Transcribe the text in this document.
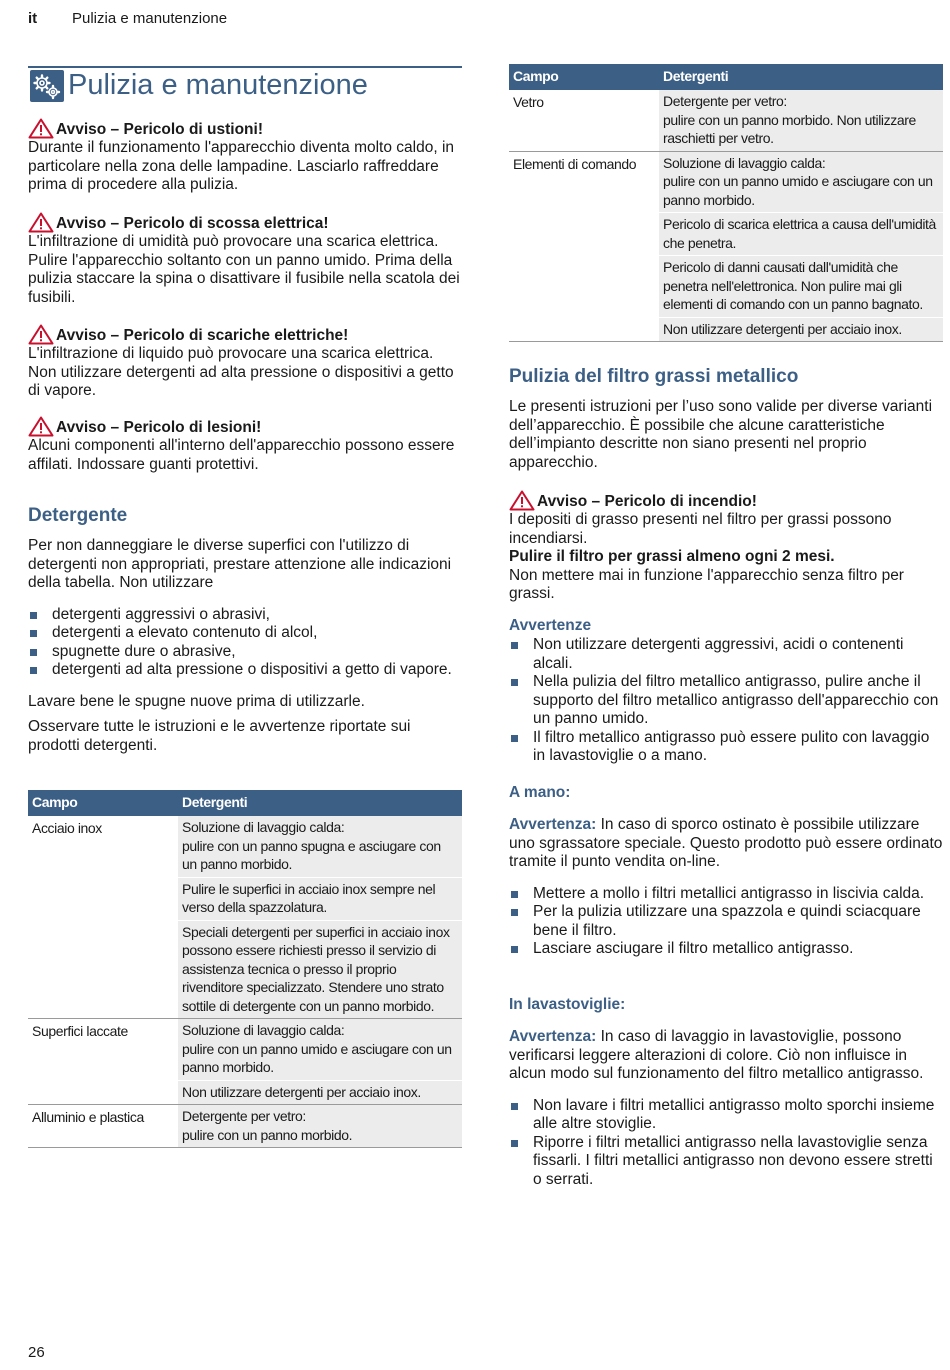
it Pulizia e manutenzione
Pulizia e manutenzione
Avviso – Pericolo di ustioni!

Durante il funzionamento l'apparecchio diventa molto caldo, in particolare nella zona delle lampadine. Lasciarlo raffreddare prima di procedere alla pulizia.

Avviso – Pericolo di scossa elettrica!

L'infiltrazione di umidità può provocare una scarica elettrica. Pulire l'apparecchio soltanto con un panno umido. Prima della pulizia staccare la spina o disattivare il fusibile nella scatola dei fusibili.

Avviso – Pericolo di scariche elettriche!

L'infiltrazione di liquido può provocare una scarica elettrica. Non utilizzare detergenti ad alta pressione o dispositivi a getto di vapore.

Avviso – Pericolo di lesioni!

Alcuni componenti all'interno dell'apparecchio possono essere affilati. Indossare guanti protettivi.

Detergente

Per non danneggiare le diverse superfici con l'utilizzo di detergenti non appropriati, prestare attenzione alle indicazioni della tabella. Non utilizzare

detergenti aggressivi o abrasivi,
detergenti a elevato contenuto di alcol,
spugnette dure o abrasive,
detergenti ad alta pressione o dispositivi a getto di vapore.

Lavare bene le spugne nuove prima di utilizzarle.

Osservare tutte le istruzioni e le avvertenze riportate sui prodotti detergenti.

Campo	Detergenti
Acciaio inox	Soluzione di lavaggio calda:
pulire con un panno spugna e asciugare con un panno morbido.
Pulire le superfici in acciaio inox sempre nel verso della spazzolatura.
Speciali detergenti per superfici in acciaio inox possono essere richiesti presso il servizio di assistenza tecnica o presso il proprio rivenditore specializzato. Stendere uno strato sottile di detergente con un panno morbido.

Superfici laccate	Soluzione di lavaggio calda:
pulire con un panno umido e asciugare con un panno morbido.
Non utilizzare detergenti per acciaio inox.

Alluminio e plastica	Detergente per vetro:
pulire con un panno morbido.
Campo	Detergenti
Vetro	Detergente per vetro:
pulire con un panno morbido. Non utilizzare raschietti per vetro.

Elementi di comando	Soluzione di lavaggio calda:
pulire con un panno umido e asciugare con un panno morbido.
Pericolo di scarica elettrica a causa dell'umidità che penetra.
Pericolo di danni causati dall'umidità che penetra nell'elettronica. Non pulire mai gli elementi di comando con un panno bagnato.
Non utilizzare detergenti per acciaio inox.
Pulizia del filtro grassi metallico

Le presenti istruzioni per l’uso sono valide per diverse varianti dell’apparecchio. È possibile che alcune caratteristiche dell’impianto descritte non siano presenti nel proprio apparecchio.

Avviso – Pericolo di incendio!

I depositi di grasso presenti nel filtro per grassi possono incendiarsi.

Pulire il filtro per grassi almeno ogni 2 mesi.

Non mettere mai in funzione l'apparecchio senza filtro per grassi.

Avvertenze
Non utilizzare detergenti aggressivi, acidi o contenenti alcali.
Nella pulizia del filtro metallico antigrasso, pulire anche il supporto del filtro metallico antigrasso dell'apparecchio con un panno umido.
Il filtro metallico antigrasso può essere pulito con lavaggio in lavastoviglie o a mano.
A mano:

Avvertenza: In caso di sporco ostinato è possibile utilizzare uno sgrassatore speciale. Questo prodotto può essere ordinato tramite il punto vendita on-line.

Mettere a mollo i filtri metallici antigrasso in liscivia calda.
Per la pulizia utilizzare una spazzola e quindi sciacquare bene il filtro.
Lasciare asciugare il filtro metallico antigrasso.
In lavastoviglie:

Avvertenza: In caso di lavaggio in lavastoviglie, possono verificarsi leggere alterazioni di colore. Ciò non influisce in alcun modo sul funzionamento del filtro metallico antigrasso.

Non lavare i filtri metallici antigrasso molto sporchi insieme alle altre stoviglie.
Riporre i filtri metallici antigrasso nella lavastoviglie senza fissarli. I filtri metallici antigrasso non devono essere stretti o serrati.
26
